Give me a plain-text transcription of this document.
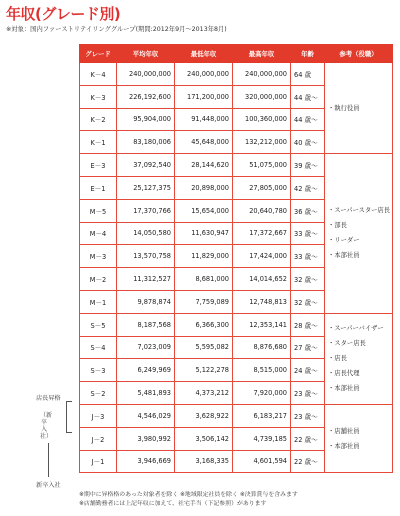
年収(グレード別)
※対象：国内ファーストリテイリンググループ(期間:2012年9月～2013年8月)
グレード	平均年収	最低年収	最高年収	年齢	参考（役職）
K－4	240,000,000	240,000,000	240,000,000	64 歳	・執行役員

K－3	226,192,600	171,200,000	320,000,000	44 歳～	
K－2	95,904,000	91,448,000	100,360,000	44 歳～	
K－1	83,180,006	45,648,000	132,212,000	40 歳～	
E－3	37,092,540	28,144,620	51,075,000	39 歳～	・スーパースター店長
・部長
・リーダー
・本部社員

E－1	25,127,375	20,898,000	27,805,000	42 歳～	
M－5	17,370,766	15,654,000	20,640,780	36 歳～	
M－4	14,050,580	11,630,947	17,372,667	33 歳～	
M－3	13,570,758	11,829,000	17,424,000	33 歳～	
M－2	11,312,527	8,681,000	14,014,652	32 歳～	
M－1	9,878,874	7,759,089	12,748,813	32 歳～	
S－5	8,187,568	6,366,300	12,353,141	28 歳～	・スーパーバイザー
・スター店長
・店長
・店長代理
・本部社員

S－4	7,023,009	5,595,082	8,876,680	27 歳～	
S－3	6,249,969	5,122,278	8,515,000	24 歳～	
S－2	5,481,893	4,373,212	7,920,000	23 歳～	
J－3	4,546,029	3,628,922	6,183,217	23 歳～	・店舗社員
・本部社員

J－2	3,980,992	3,506,142	4,739,185	22 歳～	
J－1	3,946,669	3,168,335	4,601,594	22 歳～	
店長昇格
（新卒入社）
新卒入社
※期中に异格格のあった対象者を除く ※地域限定社員を除く ※決算賞与を含みます
※店舗勤務者には上記年収に加えて、社宅手当（下記参照）があります
